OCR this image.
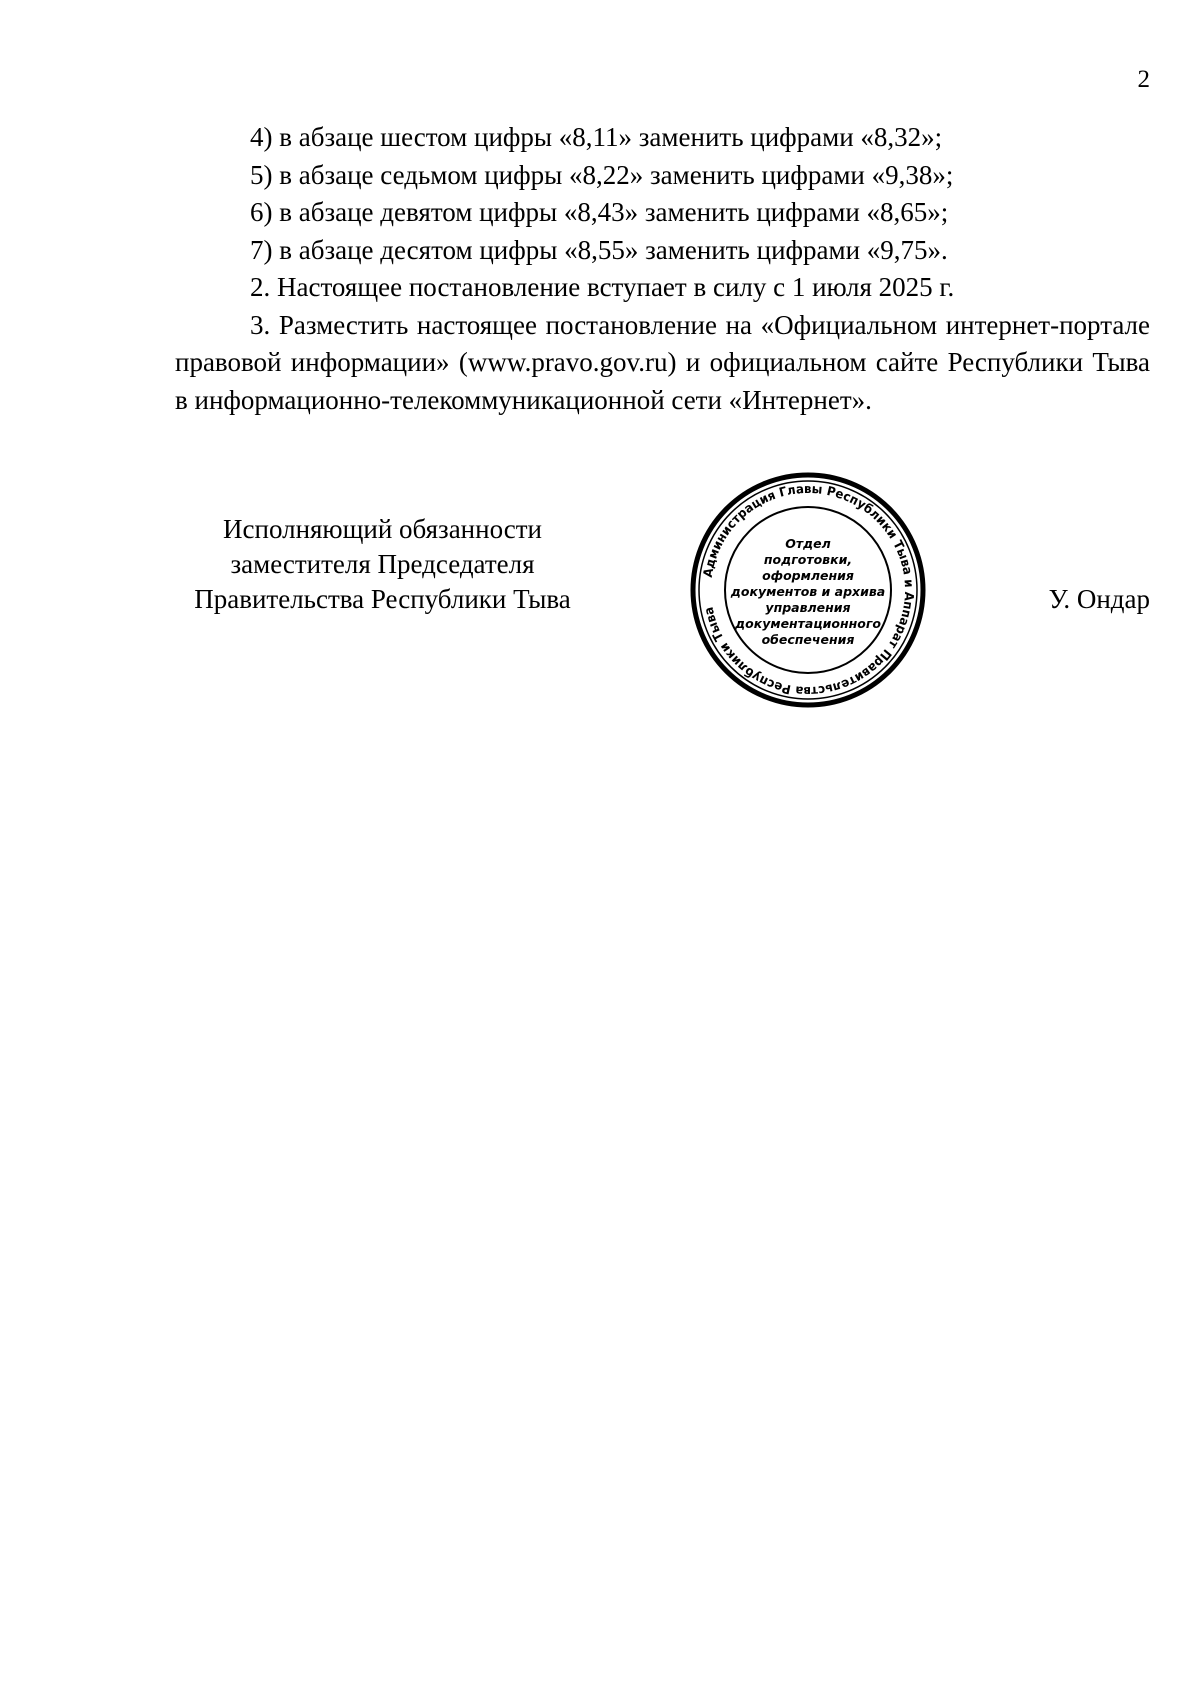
2

4) в абзаце шестом цифры «8,11» заменить цифрами «8,32»;

5) в абзаце седьмом цифры «8,22» заменить цифрами «9,38»;

6) в абзаце девятом цифры «8,43» заменить цифрами «8,65»;

7) в абзаце десятом цифры «8,55» заменить цифрами «9,75».

2. Настоящее постановление вступает в силу с 1 июля 2025 г.

3. Разместить настоящее постановление на «Официальном интернет-портале правовой информации» (www.pravo.gov.ru) и официальном сайте Республики Тыва в информационно-телекоммуникационной сети «Интернет».

Исполняющий обязанности
заместителя Председателя
Правительства Республики Тыва	У. Ондар
Администрация Главы Республики Тыва и Аппарат Правительства Республики Тыва
Отдел
подготовки,
оформления
документов и архива
управления
документационного
обеспечения
